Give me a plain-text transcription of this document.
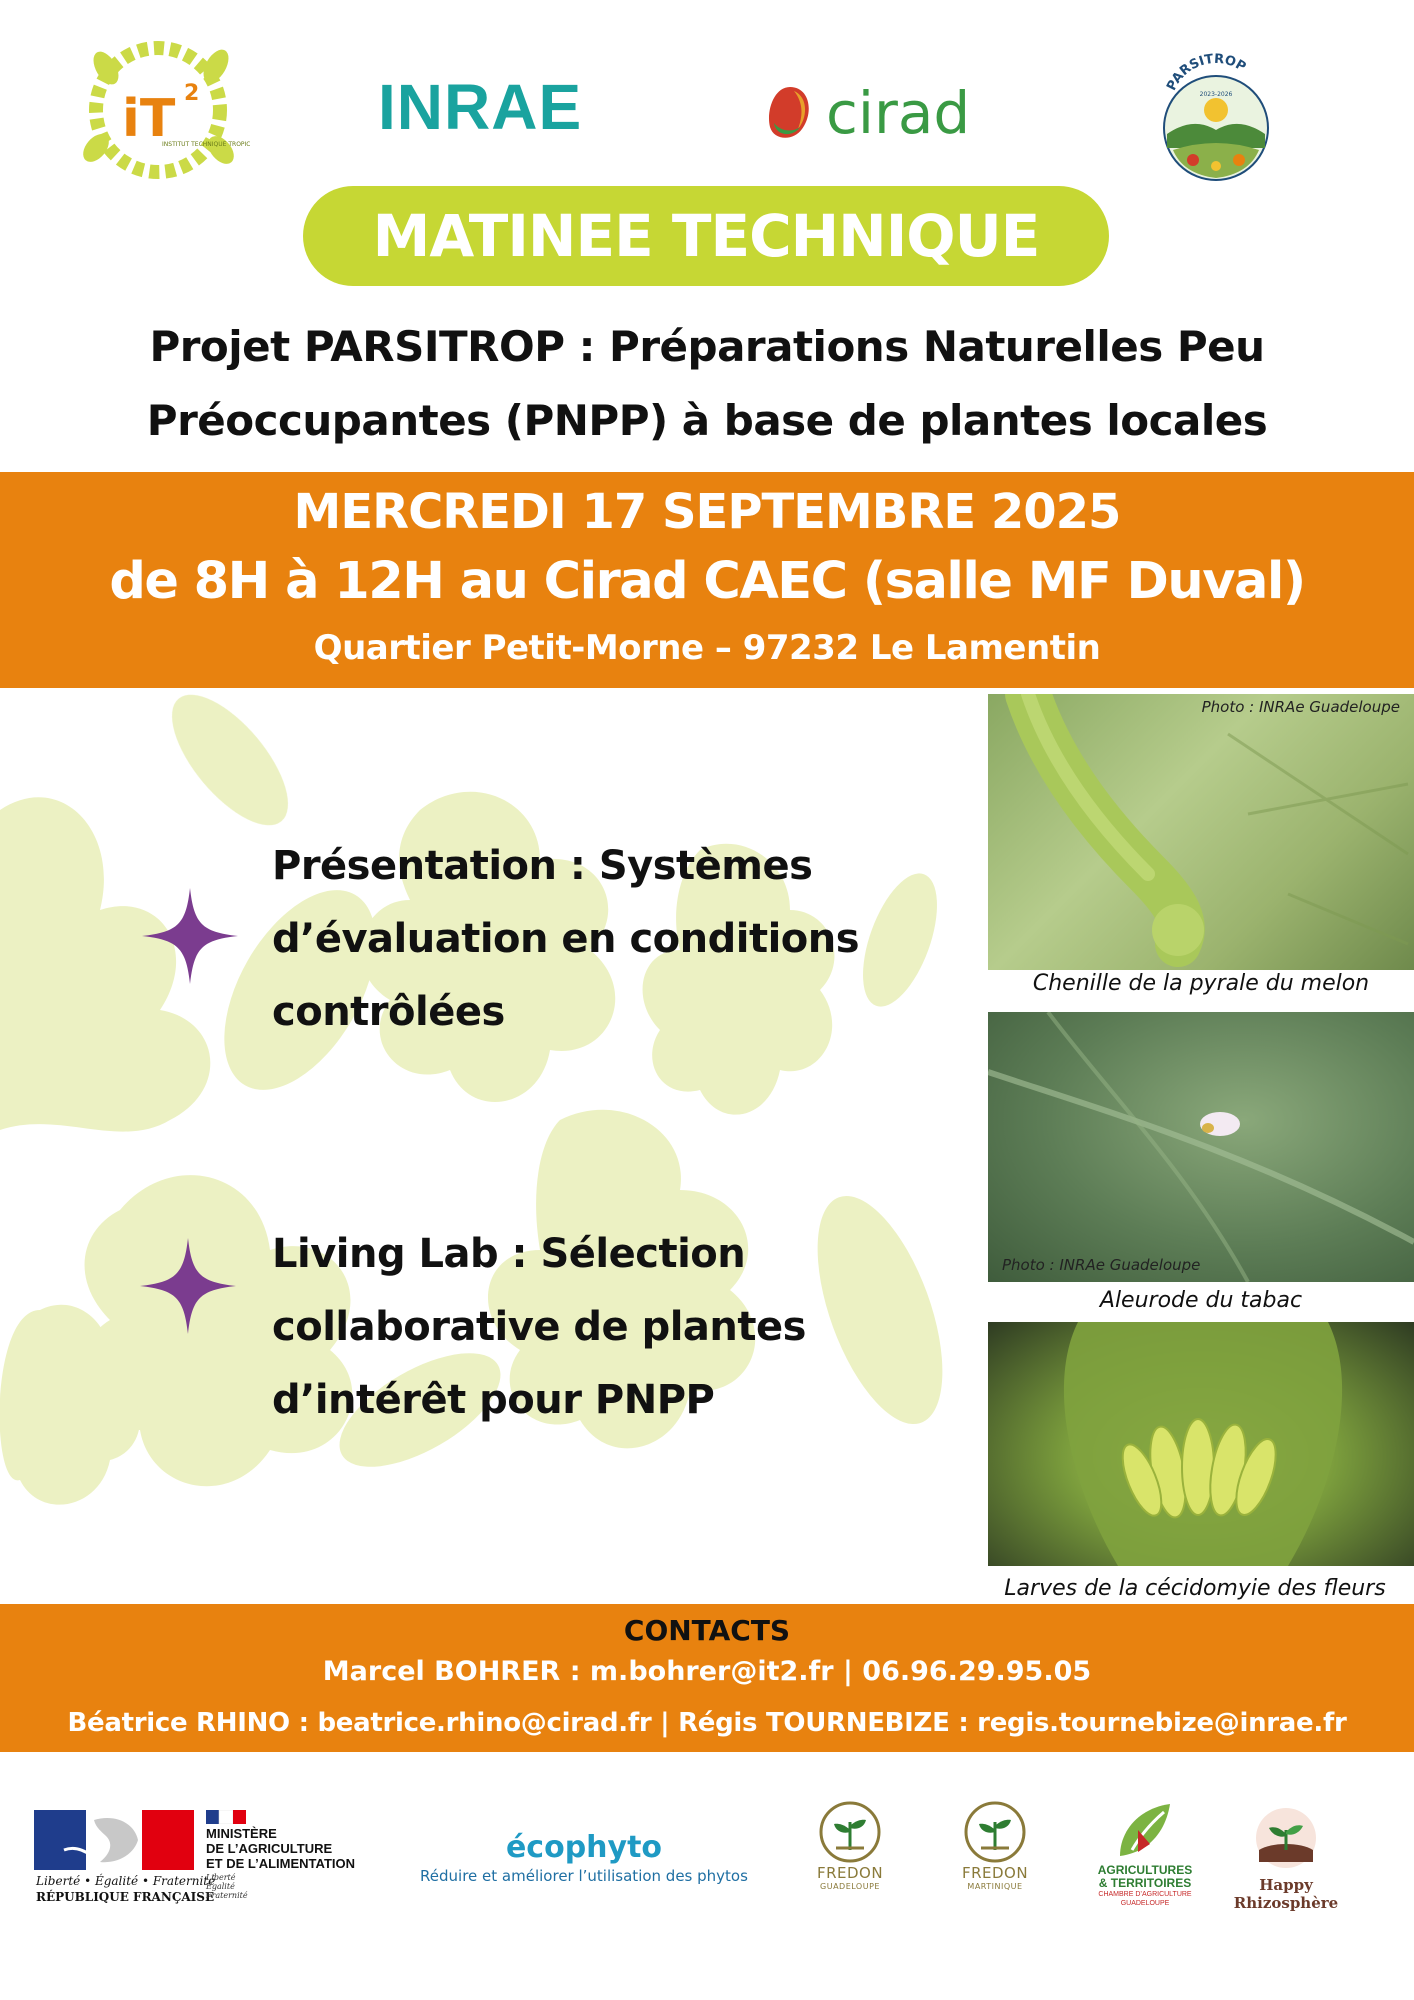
iT 2
INSTITUT TECHNIQUE TROPICAL
INRAE	cirad	PARSITROP
2023-2026
MATINEE TECHNIQUE
Projet PARSITROP : Préparations Naturelles Peu
Préoccupantes (PNPP) à base de plantes locales
MERCREDI 17 SEPTEMBRE 2025
de 8H à 12H au Cirad CAEC (salle MF Duval)
Quartier Petit-Morne – 97232 Le Lamentin
Présentation : Systèmes
d’évaluation en conditions
contrôlées
Living Lab : Sélection
collaborative de plantes
d’intérêt pour PNPP
Photo : INRAe Guadeloupe
Chenille de la pyrale du melon
Photo : INRAe Guadeloupe
Aleurode du tabac
Larves de la cécidomyie des fleurs
CONTACTS
Marcel BOHRER : m.bohrer@it2.fr | 06.96.29.95.05
Béatrice RHINO : beatrice.rhino@cirad.fr | Régis TOURNEBIZE : regis.tournebize@inrae.fr
Liberté • Égalité • Fraternité
RÉPUBLIQUE FRANÇAISE
MINISTÈRE
DE L’AGRICULTURE
ET DE L’ALIMENTATION
Liberté
Égalité
Fraternité
écophyto
Réduire et améliorer l’utilisation des phytos	FREDON
GUADELOUPE
FREDON
MARTINIQUE
AGRICULTURES
& TERRITOIRES
CHAMBRE D’AGRICULTURE
GUADELOUPE
Happy Rhizosphère
